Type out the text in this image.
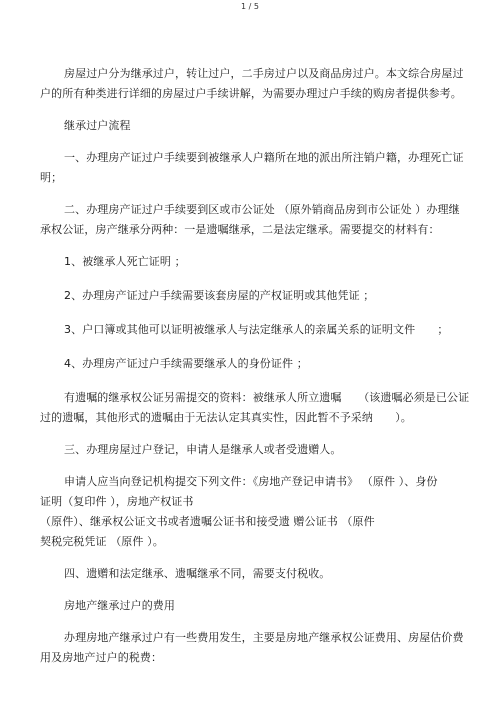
1 / 5

房屋过户分为继承过户，转让过户，二手房过户以及商品房过户。本文综合房屋过户的所有种类进行详细的房屋过户手续讲解，为需要办理过户手续的购房者提供参考。

继承过户流程

一、办理房产证过户手续要到被继承人户籍所在地的派出所注销户籍，办理死亡证明；

二、办理房产证过户手续要到区或市公证处 （原外销商品房到市公证处 ）办理继承权公证，房产继承分两种：一是遗嘱继承，二是法定继承。需要提交的材料有：

1、被继承人死亡证明 ；

2、办理房产证过户手续需要该套房屋的产权证明或其他凭证 ；

3、户口簿或其他可以证明被继承人与法定继承人的亲属关系的证明文件　　；

4、办理房产证过户手续需要继承人的身份证件 ；

有遗嘱的继承权公证另需提交的资料：被继承人所立遗嘱　　（该遗嘱必须是已公证过的遗嘱，其他形式的遗嘱由于无法认定其真实性，因此暂不予采纳　　）。

三、办理房屋过户登记，申请人是继承人或者受遗赠人。

申请人应当向登记机构提交下列文件：《房地产登记申请书》 （原件 ）、身份
证明（复印件 ），房地产权证书
（原件）、继承权公证文书或者遗嘱公证书和接受遗 赠公证书 （原件
契税完税凭证 （原件 ）。

四、遗赠和法定继承、遗嘱继承不同，需要支付税收。

房地产继承过户的费用

办理房地产继承过户有一些费用发生，主要是房地产继承权公证费用、房屋估价费用及房地产过户的税费：
